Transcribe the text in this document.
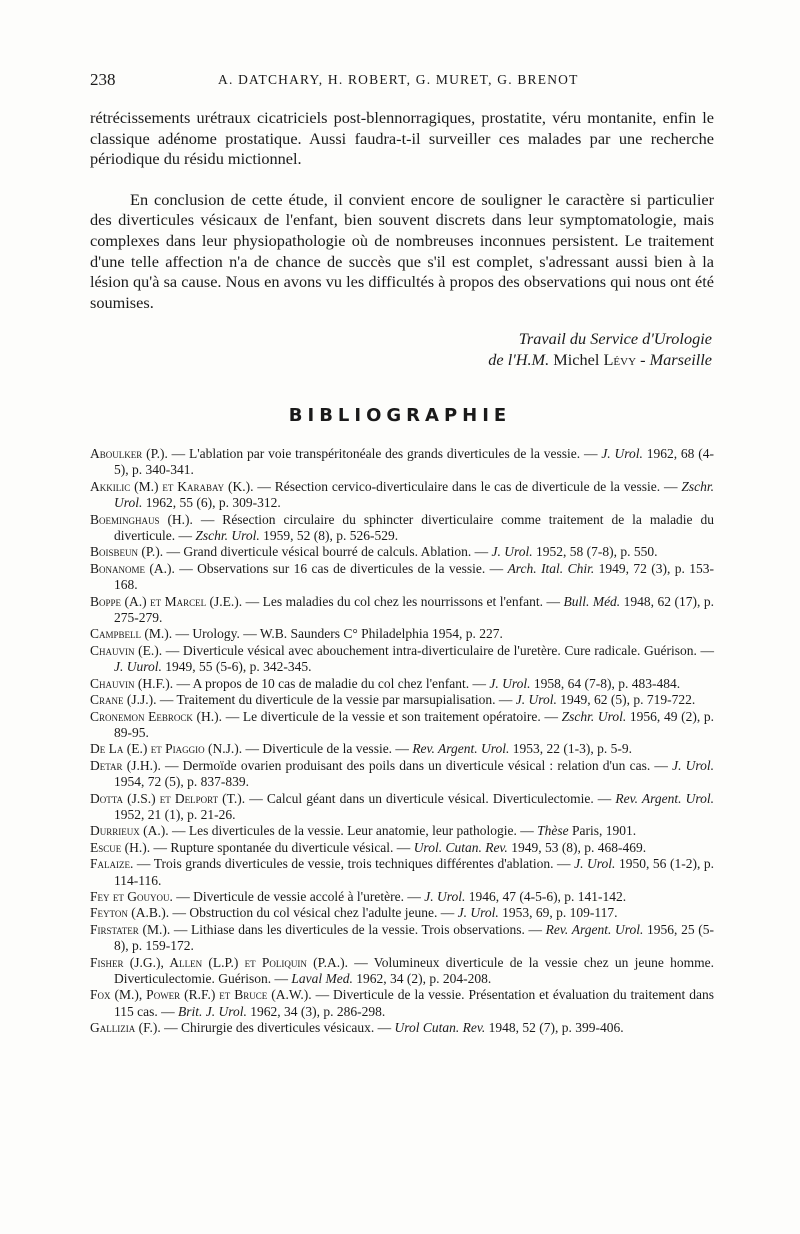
238	A. DATCHARY, H. ROBERT, G. MURET, G. BRENOT

rétrécissements urétraux cicatriciels post-blennorragiques, prostatite, véru montanite, enfin le classique adénome prostatique. Aussi faudra-t-il surveiller ces malades par une recherche périodique du résidu mictionnel.

En conclusion de cette étude, il convient encore de souligner le caractère si particulier des diverticules vésicaux de l'enfant, bien souvent discrets dans leur symptomatologie, mais complexes dans leur physiopathologie où de nombreuses inconnues persistent. Le traitement d'une telle affection n'a de chance de succès que s'il est complet, s'adressant aussi bien à la lésion qu'à sa cause. Nous en avons vu les difficultés à propos des observations qui nous ont été soumises.

Travail du Service d'Urologie
de l'H.M. Michel Lévy - Marseille
BIBLIOGRAPHIE
Aboulker (P.). — L'ablation par voie transpéritonéale des grands diverticules de la vessie. — J. Urol. 1962, 68 (4-5), p. 340-341.
Akkilic (M.) et Karabay (K.). — Résection cervico-diverticulaire dans le cas de diverticule de la vessie. — Zschr. Urol. 1962, 55 (6), p. 309-312.
Boeminghaus (H.). — Résection circulaire du sphincter diverticulaire comme traitement de la maladie du diverticule. — Zschr. Urol. 1959, 52 (8), p. 526-529.
Boisbeun (P.). — Grand diverticule vésical bourré de calculs. Ablation. — J. Urol. 1952, 58 (7-8), p. 550.
Bonanome (A.). — Observations sur 16 cas de diverticules de la vessie. — Arch. Ital. Chir. 1949, 72 (3), p. 153-168.
Boppe (A.) et Marcel (J.E.). — Les maladies du col chez les nourrissons et l'enfant. — Bull. Méd. 1948, 62 (17), p. 275-279.
Campbell (M.). — Urology. — W.B. Saunders C° Philadelphia 1954, p. 227.
Chauvin (E.). — Diverticule vésical avec abouchement intra-diverticulaire de l'uretère. Cure radicale. Guérison. — J. Uurol. 1949, 55 (5-6), p. 342-345.
Chauvin (H.F.). — A propos de 10 cas de maladie du col chez l'enfant. — J. Urol. 1958, 64 (7-8), p. 483-484.
Crane (J.J.). — Traitement du diverticule de la vessie par marsupialisation. — J. Urol. 1949, 62 (5), p. 719-722.
Cronemon Eebrock (H.). — Le diverticule de la vessie et son traitement opératoire. — Zschr. Urol. 1956, 49 (2), p. 89-95.
De La (E.) et Piaggio (N.J.). — Diverticule de la vessie. — Rev. Argent. Urol. 1953, 22 (1-3), p. 5-9.
Detar (J.H.). — Dermoïde ovarien produisant des poils dans un diverticule vésical : relation d'un cas. — J. Urol. 1954, 72 (5), p. 837-839.
Dotta (J.S.) et Delport (T.). — Calcul géant dans un diverticule vésical. Diverticulectomie. — Rev. Argent. Urol. 1952, 21 (1), p. 21-26.
Durrieux (A.). — Les diverticules de la vessie. Leur anatomie, leur pathologie. — Thèse Paris, 1901.
Escue (H.). — Rupture spontanée du diverticule vésical. — Urol. Cutan. Rev. 1949, 53 (8), p. 468-469.
Falaize. — Trois grands diverticules de vessie, trois techniques différentes d'ablation. — J. Urol. 1950, 56 (1-2), p. 114-116.
Fey et Gouyou. — Diverticule de vessie accolé à l'uretère. — J. Urol. 1946, 47 (4-5-6), p. 141-142.
Feyton (A.B.). — Obstruction du col vésical chez l'adulte jeune. — J. Urol. 1953, 69, p. 109-117.
Firstater (M.). — Lithiase dans les diverticules de la vessie. Trois observations. — Rev. Argent. Urol. 1956, 25 (5-8), p. 159-172.
Fisher (J.G.), Allen (L.P.) et Poliquin (P.A.). — Volumineux diverticule de la vessie chez un jeune homme. Diverticulectomie. Guérison. — Laval Med. 1962, 34 (2), p. 204-208.
Fox (M.), Power (R.F.) et Bruce (A.W.). — Diverticule de la vessie. Présentation et évaluation du traitement dans 115 cas. — Brit. J. Urol. 1962, 34 (3), p. 286-298.
Gallizia (F.). — Chirurgie des diverticules vésicaux. — Urol Cutan. Rev. 1948, 52 (7), p. 399-406.
